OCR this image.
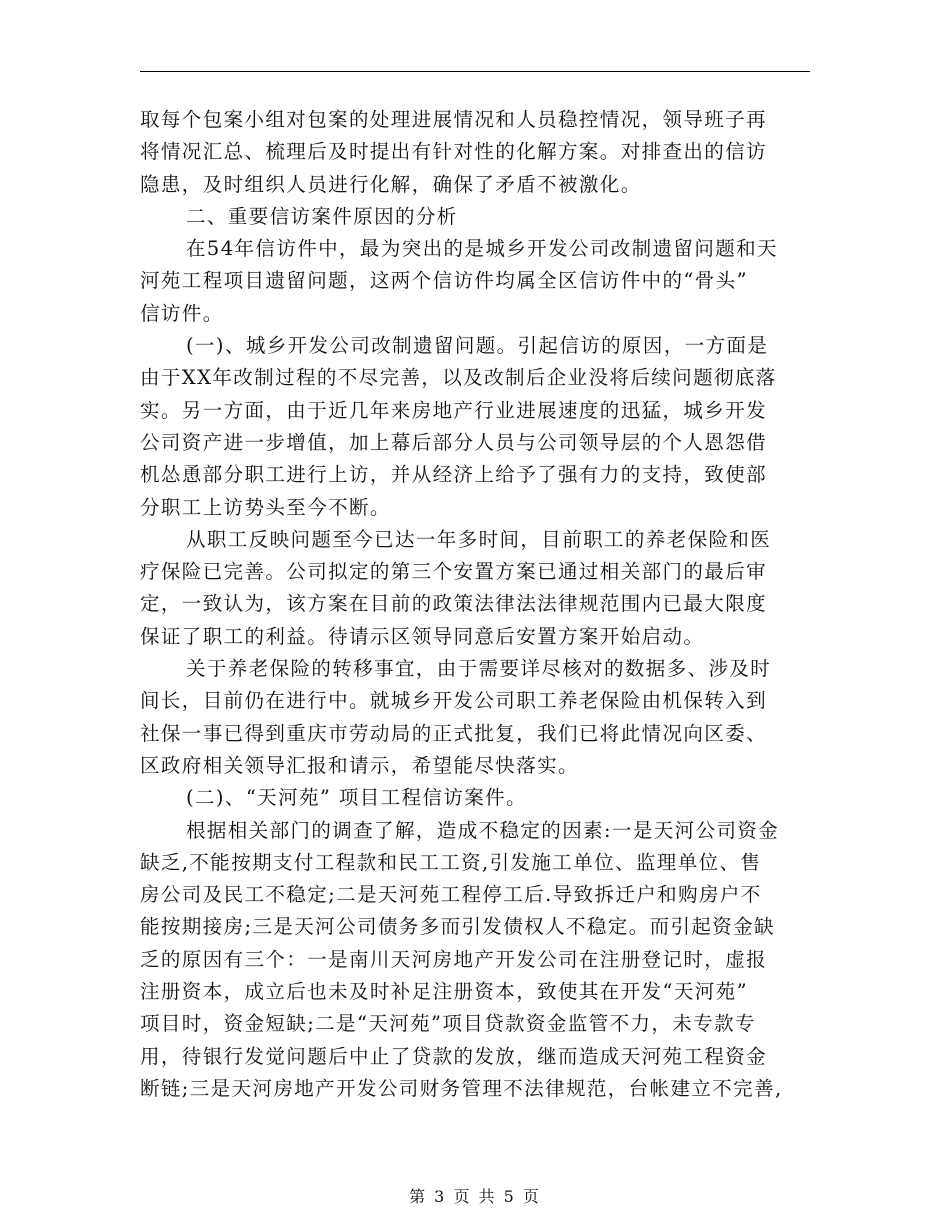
取每个包案小组对包案的处理进展情况和人员稳控情况，领导班子再
将情况汇总、梳理后及时提出有针对性的化解方案。对排查出的信访
隐患，及时组织人员进行化解，确保了矛盾不被激化。
二、重要信访案件原因的分析
在54年信访件中，最为突出的是城乡开发公司改制遗留问题和天
河苑工程项目遗留问题，这两个信访件均属全区信访件中的“骨头”
信访件。
(一)、城乡开发公司改制遗留问题。引起信访的原因，一方面是
由于XX年改制过程的不尽完善，以及改制后企业没将后续问题彻底落
实。另一方面，由于近几年来房地产行业进展速度的迅猛，城乡开发
公司资产进一步增值，加上幕后部分人员与公司领导层的个人恩怨借
机怂恿部分职工进行上访，并从经济上给予了强有力的支持，致使部
分职工上访势头至今不断。
从职工反映问题至今已达一年多时间，目前职工的养老保险和医
疗保险已完善。公司拟定的第三个安置方案已通过相关部门的最后审
定，一致认为，该方案在目前的政策法律法法律规范围内已最大限度
保证了职工的利益。待请示区领导同意后安置方案开始启动。
关于养老保险的转移事宜，由于需要详尽核对的数据多、涉及时
间长，目前仍在进行中。就城乡开发公司职工养老保险由机保转入到
社保一事已得到重庆市劳动局的正式批复，我们已将此情况向区委、
区政府相关领导汇报和请示，希望能尽快落实。
(二)、“天河苑” 项目工程信访案件。
根据相关部门的调查了解，造成不稳定的因素:一是天河公司资金
缺乏,不能按期支付工程款和民工工资,引发施工单位、监理单位、售
房公司及民工不稳定;二是天河苑工程停工后.导致拆迁户和购房户不
能按期接房;三是天河公司债务多而引发债权人不稳定。而引起资金缺
乏的原因有三个：一是南川天河房地产开发公司在注册登记时，虚报
注册资本，成立后也未及时补足注册资本，致使其在开发“天河苑”
项目时，资金短缺;二是“天河苑”项目贷款资金监管不力，未专款专
用，待银行发觉问题后中止了贷款的发放，继而造成天河苑工程资金
断链;三是天河房地产开发公司财务管理不法律规范，台帐建立不完善,
第 3 页 共 5 页
